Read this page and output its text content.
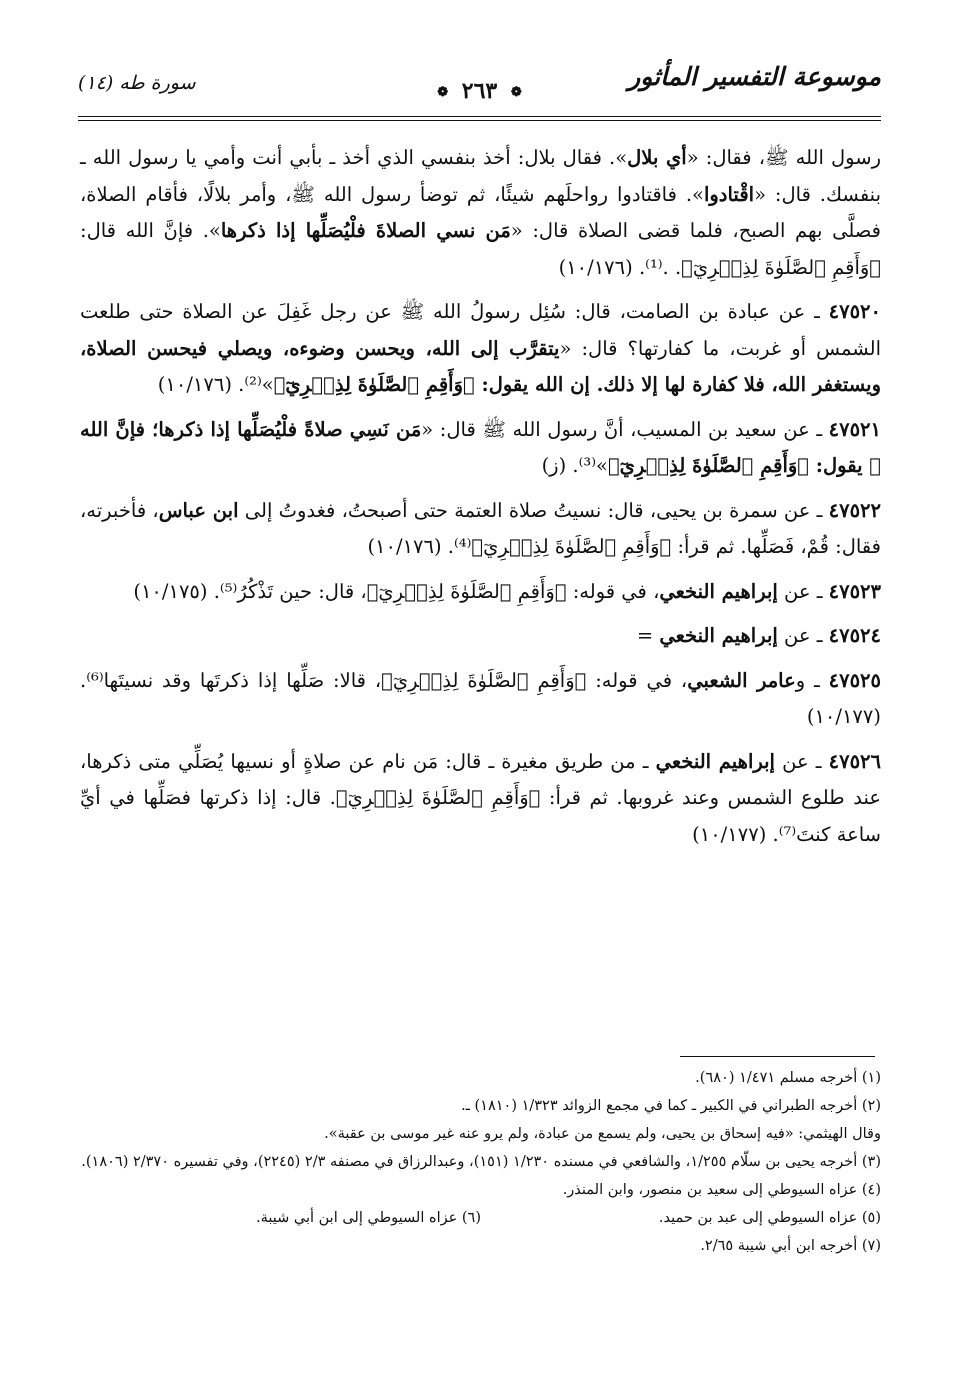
موسوعة التفسير المأثور
❁ ٢٦٣ ❁
سورة طه (١٤)

رسول الله ﷺ، فقال: «أي بلال». فقال بلال: أخذ بنفسي الذي أخذ ـ بأبي أنت وأمي يا رسول الله ـ بنفسك. قال: «اقْتادوا». فاقتادوا رواحلَهم شيئًا، ثم توضأ رسول الله ﷺ، وأمر بلالًا، فأقام الصلاة، فصلَّى بهم الصبح، فلما قضى الصلاة قال: «مَن نسي الصلاةَ فلْيُصَلِّها إذا ذكرها». فإنَّ الله قال: ﴿وَأَقِمِ ٱلصَّلَوٰةَ لِذِكۡرِيٓ﴾. .⁽¹⁾. (١٠/١٧٦)

٤٧٥٢٠ ـ عن عبادة بن الصامت، قال: سُئِل رسولُ الله ﷺ عن رجل غَفِلَ عن الصلاة حتى طلعت الشمس أو غربت، ما كفارتها؟ قال: «يتقرَّب إلى الله، ويحسن وضوءه، ويصلي فيحسن الصلاة، ويستغفر الله، فلا كفارة لها إلا ذلك. إن الله يقول: ﴿وَأَقِمِ ٱلصَّلَوٰةَ لِذِكۡرِيٓ﴾»⁽²⁾. (١٠/١٧٦)

٤٧٥٢١ ـ عن سعيد بن المسيب، أنَّ رسول الله ﷺ قال: «مَن نَسِي صلاةً فلْيُصَلِّها إذا ذكرها؛ فإنَّ الله ﷻ يقول: ﴿وَأَقِمِ ٱلصَّلَوٰةَ لِذِكۡرِيٓ﴾»⁽³⁾. (ز)

٤٧٥٢٢ ـ عن سمرة بن يحيى، قال: نسيتُ صلاة العتمة حتى أصبحتُ، فغدوتُ إلى ابن عباس، فأخبرته، فقال: قُمْ، فَصَلِّها. ثم قرأ: ﴿وَأَقِمِ ٱلصَّلَوٰةَ لِذِكۡرِيٓ﴾⁽⁴⁾. (١٠/١٧٦)

٤٧٥٢٣ ـ عن إبراهيم النخعي، في قوله: ﴿وَأَقِمِ ٱلصَّلَوٰةَ لِذِكۡرِيٓ﴾، قال: حين تَذْكُرُ⁽⁵⁾. (١٠/١٧٥)

٤٧٥٢٤ ـ عن إبراهيم النخعي =

٤٧٥٢٥ ـ وعامر الشعبي، في قوله: ﴿وَأَقِمِ ٱلصَّلَوٰةَ لِذِكۡرِيٓ﴾، قالا: صَلِّها إذا ذكرتَها وقد نسيتَها⁽⁶⁾. (١٠/١٧٧)

٤٧٥٢٦ ـ عن إبراهيم النخعي ـ من طريق مغيرة ـ قال: مَن نام عن صلاةٍ أو نسيها يُصَلِّي متى ذكرها، عند طلوع الشمس وعند غروبها. ثم قرأ: ﴿وَأَقِمِ ٱلصَّلَوٰةَ لِذِكۡرِيٓ﴾. قال: إذا ذكرتها فصَلِّها في أيِّ ساعة كنتَ⁽⁷⁾. (١٠/١٧٧)

(١) أخرجه مسلم ١/٤٧١ (٦٨٠).

(٢) أخرجه الطبراني في الكبير ـ كما في مجمع الزوائد ١/٣٢٣ (١٨١٠) ـ.

وقال الهيثمي: «فيه إسحاق بن يحيى، ولم يسمع من عبادة، ولم يرو عنه غير موسى بن عقبة».

(٣) أخرجه يحيى بن سلّام ١/٢٥٥، والشافعي في مسنده ١/٢٣٠ (١٥١)، وعبدالرزاق في مصنفه ٢/٣ (٢٢٤٥)، وفي تفسيره ٢/٣٧٠ (١٨٠٦).

(٤) عزاه السيوطي إلى سعيد بن منصور، وابن المنذر.

(٥) عزاه السيوطي إلى عبد بن حميد.

(٦) عزاه السيوطي إلى ابن أبي شيبة.

(٧) أخرجه ابن أبي شيبة ٢/٦٥.
